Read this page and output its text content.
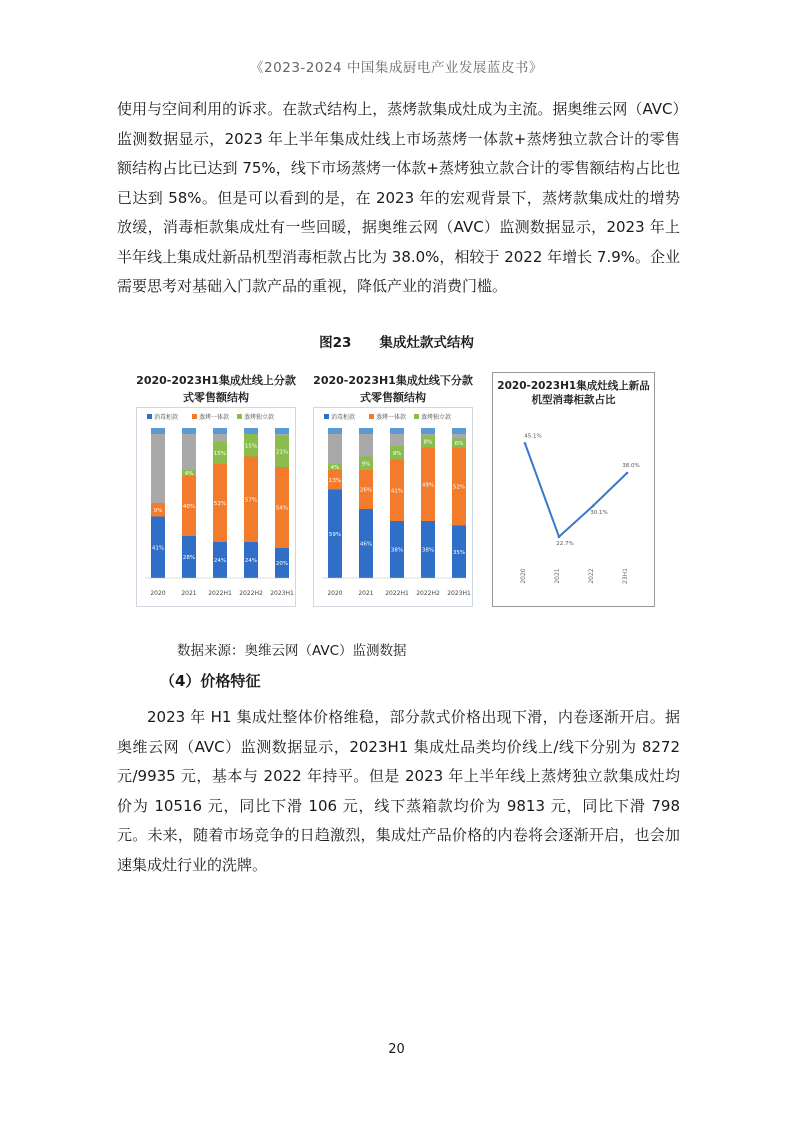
《2023-2024 中国集成厨电产业发展蓝皮书》
使用与空间利用的诉求。在款式结构上，蒸烤款集成灶成为主流。据奥维云网（AVC）监测数据显示，2023 年上半年集成灶线上市场蒸烤一体款+蒸烤独立款合计的零售额结构占比已达到 75%，线下市场蒸烤一体款+蒸烤独立款合计的零售额结构占比也已达到 58%。但是可以看到的是，在 2023 年的宏观背景下，蒸烤款集成灶的增势放缓，消毒柜款集成灶有一些回暖，据奥维云网（AVC）监测数据显示，2023 年上半年线上集成灶新品机型消毒柜款占比为 38.0%，相较于 2022 年增长 7.9%。企业需要思考对基础入门款产品的重视，降低产业的消费门槛。
图23 集成灶款式结构
2020-2023H1集成灶线上分款式零售额结构
消毒柜款	蒸烤一体款 蒸烤独立款
41%
9%
2020
28%
40%
4%
2021
24%
52%
15%
2022H1
24%
57%
15%
2022H2
20%
54%
21%
2023H1
2020-2023H1集成灶线下分款式零售额结构
消毒柜款	蒸烤一体款 蒸烤独立款
59%
13%
4%
2020
46%
26%
9%
2021
38%
41%
9%
2022H1
38%
49%
8%
2022H2
35%
52%
6%
2023H1
2020-2023H1集成灶线上新品机型消毒柜款占比
45.1%
22.7%
30.1%
38.0%
2020	2021	2022	23H1
数据来源：奥维云网（AVC）监测数据
（4）价格特征
2023 年 H1 集成灶整体价格维稳，部分款式价格出现下滑，内卷逐渐开启。据奥维云网（AVC）监测数据显示，2023H1 集成灶品类均价线上/线下分别为 8272 元/9935 元，基本与 2022 年持平。但是 2023 年上半年线上蒸烤独立款集成灶均价为 10516 元，同比下滑 106 元，线下蒸箱款均价为 9813 元，同比下滑 798 元。未来，随着市场竞争的日趋激烈，集成灶产品价格的内卷将会逐渐开启，也会加速集成灶行业的洗牌。
20
